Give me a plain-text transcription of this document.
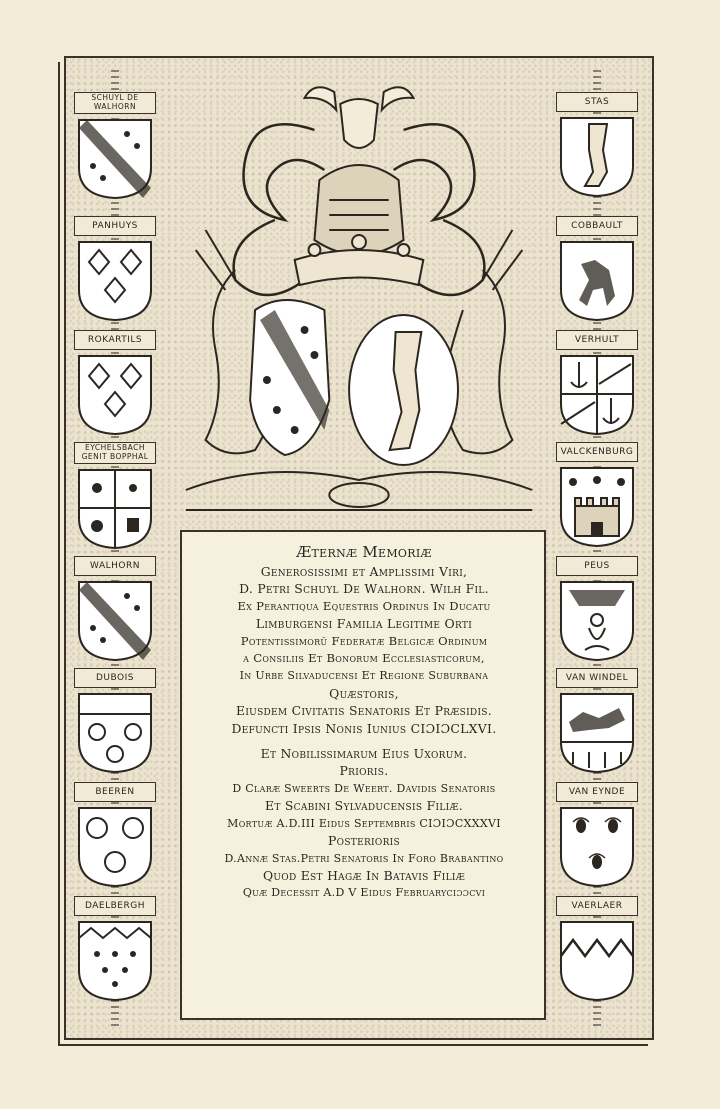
SCHUYL DE WALHORN
PANHUYS
ROKARTILS
EYCHELSBACH GENIT BOPPHAL
WALHORN
DUBOIS
BEEREN
DAELBERGH
Æternæ Memoriæ
Generosissimi et Amplissimi Viri,
D. Petri Schuyl De Walhorn. Wilh Fil.
Ex Perantiqua Equestris Ordinus In Ducatu
Limburgensi Familia Legitime Orti
Potentissimorũ Federatæ Belgicæ Ordinum
a Consiliis Et Bonorum Ecclesiasticorum,
In Urbe Silvaducensi Et Regione Suburbana
Quæstoris,
Eiusdem Civitatis Senatoris Et Præsidis.
Defuncti Ipsis Nonis Iunius CIƆIƆCLXVI.
Et Nobilissimarum Eius Uxorum.
Prioris.
D Claræ Sweerts De Weert. Davidis Senatoris
Et Scabini Sylvaducensis Filiæ.
Mortuæ A.D.III Eidus Septembris CIƆIƆCXXXVI
Posterioris
D.Annæ Stas.Petri Senatoris In Foro Brabantino
Quod Est Hagæ In Batavis Filiæ
Quæ Decessit A.D V Eidus Februaryciɔɔcvi
STAS
COBBAULT
VERHULT
VALCKENBURG
PEUS
VAN WINDEL
VAN EYNDE
VAERLAER
